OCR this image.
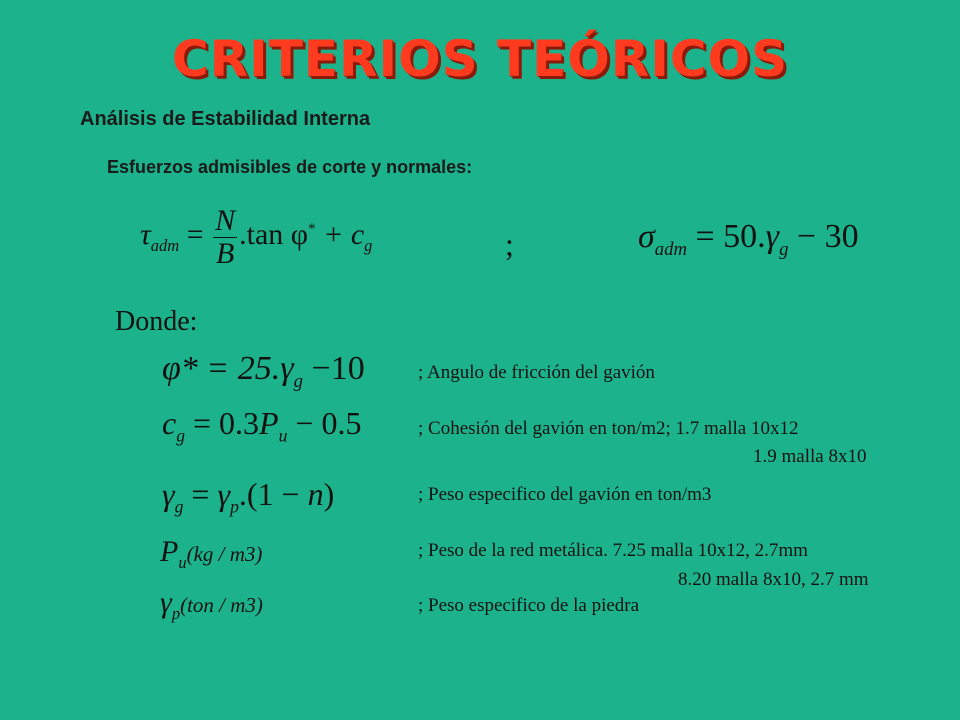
CRITERIOS TEÓRICOS
Análisis de Estabilidad Interna
Esfuerzos admisibles de corte y normales:
$\tau_{adm} = \frac{N}{B} .\tan$ $\varphi^* + c_g$	;	$\sigma_{adm} = 50.\gamma_g - 30$
Donde:
$\varphi* = 25.\gamma_g -10$	; Angulo de fricción del gavión
$c_g = 0.3P_u - 0.5$	; Cohesión del gavión en ton/m2; 1.7 malla 10x12
1.9 malla 8x10
$\gamma_g = \gamma_p.(1 - n)$	; Peso especifico del gavión en ton/m3
$P_u(kg / m3)$	; Peso de la red metálica. 7.25 malla 10x12, 2.7mm
8.20 malla 8x10, 2.7 mm
$\gamma_p(ton / m3)$	; Peso especifico de la piedra
